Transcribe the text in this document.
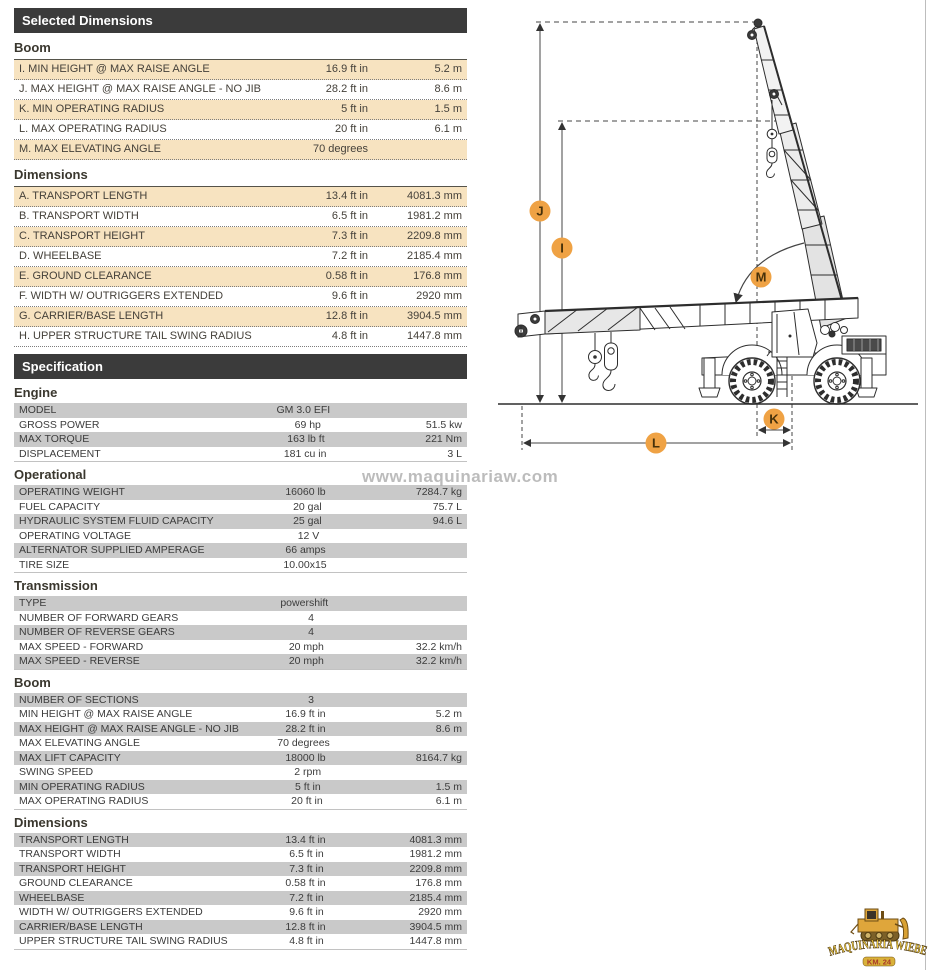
Selected Dimensions
Boom
I. MIN HEIGHT @ MAX RAISE ANGLE	16.9 ft in	5.2 m
J. MAX HEIGHT @ MAX RAISE ANGLE - NO JIB	28.2 ft in	8.6 m
K. MIN OPERATING RADIUS	5 ft in	1.5 m
L. MAX OPERATING RADIUS	20 ft in	6.1 m
M. MAX ELEVATING ANGLE	70 degrees
Dimensions
A. TRANSPORT LENGTH	13.4 ft in	4081.3 mm
B. TRANSPORT WIDTH	6.5 ft in	1981.2 mm
C. TRANSPORT HEIGHT	7.3 ft in	2209.8 mm
D. WHEELBASE	7.2 ft in	2185.4 mm
E. GROUND CLEARANCE	0.58 ft in	176.8 mm
F. WIDTH W/ OUTRIGGERS EXTENDED	9.6 ft in	2920 mm
G. CARRIER/BASE LENGTH	12.8 ft in	3904.5 mm
H. UPPER STRUCTURE TAIL SWING RADIUS	4.8 ft in	1447.8 mm
Specification
Engine
MODEL	GM 3.0 EFI
GROSS POWER	69 hp	51.5 kw
MAX TORQUE	163 lb ft	221 Nm
DISPLACEMENT	181 cu in	3 L
Operational
OPERATING WEIGHT	16060 lb	7284.7 kg
FUEL CAPACITY	20 gal	75.7 L
HYDRAULIC SYSTEM FLUID CAPACITY	25 gal	94.6 L
OPERATING VOLTAGE	12 V
ALTERNATOR SUPPLIED AMPERAGE	66 amps
TIRE SIZE	10.00x15
Transmission
TYPE	powershift
NUMBER OF FORWARD GEARS	4
NUMBER OF REVERSE GEARS	4
MAX SPEED - FORWARD	20 mph	32.2 km/h
MAX SPEED - REVERSE	20 mph	32.2 km/h
Boom
NUMBER OF SECTIONS	3
MIN HEIGHT @ MAX RAISE ANGLE	16.9 ft in	5.2 m
MAX HEIGHT @ MAX RAISE ANGLE - NO JIB	28.2 ft in	8.6 m
MAX ELEVATING ANGLE	70 degrees
MAX LIFT CAPACITY	18000 lb	8164.7 kg
SWING SPEED	2 rpm
MIN OPERATING RADIUS	5 ft in	1.5 m
MAX OPERATING RADIUS	20 ft in	6.1 m
Dimensions
TRANSPORT LENGTH	13.4 ft in	4081.3 mm
TRANSPORT WIDTH	6.5 ft in	1981.2 mm
TRANSPORT HEIGHT	7.3 ft in	2209.8 mm
GROUND CLEARANCE	0.58 ft in	176.8 mm
WHEELBASE	7.2 ft in	2185.4 mm
WIDTH W/ OUTRIGGERS EXTENDED	9.6 ft in	2920 mm
CARRIER/BASE LENGTH	12.8 ft in	3904.5 mm
UPPER STRUCTURE TAIL SWING RADIUS	4.8 ft in	1447.8 mm
www.maquinariaw.com
J
I
M
K
L
MAQUINARIA WIEBE
KM. 24
